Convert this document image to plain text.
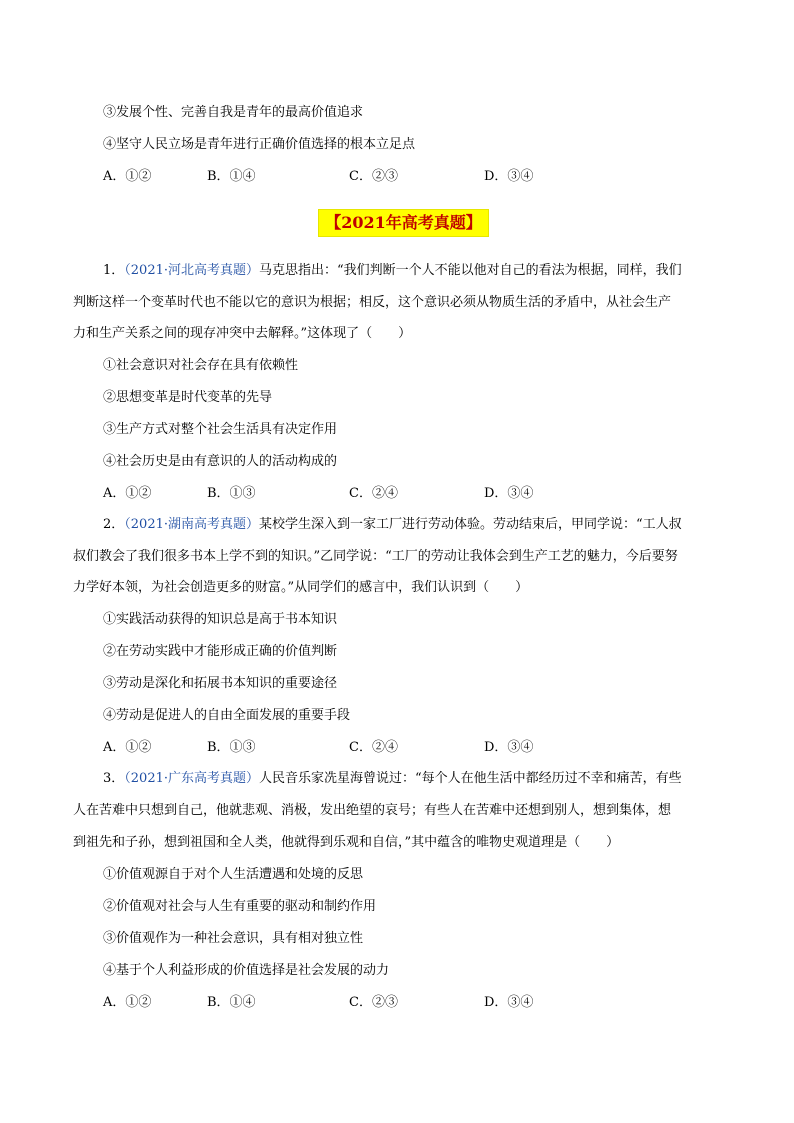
③发展个性、完善自我是青年的最高价值追求
④坚守人民立场是青年进行正确价值选择的根本立足点
A．①②	B．①④	C．②③	D．③④
【2021年高考真题】
1．（2021·河北高考真题）马克思指出：“我们判断一个人不能以他对自己的看法为根据，同样，我们
判断这样一个变革时代也不能以它的意识为根据；相反，这个意识必须从物质生活的矛盾中，从社会生产
力和生产关系之间的现存冲突中去解释。”这体现了（　　）
①社会意识对社会存在具有依赖性
②思想变革是时代变革的先导
③生产方式对整个社会生活具有决定作用
④社会历史是由有意识的人的活动构成的
A．①②	B．①③	C．②④	D．③④
2．（2021·湖南高考真题）某校学生深入到一家工厂进行劳动体验。劳动结束后，甲同学说：“工人叔
叔们教会了我们很多书本上学不到的知识。”乙同学说：“工厂的劳动让我体会到生产工艺的魅力，今后要努
力学好本领，为社会创造更多的财富。”从同学们的感言中，我们认识到（　　）
①实践活动获得的知识总是高于书本知识
②在劳动实践中才能形成正确的价值判断
③劳动是深化和拓展书本知识的重要途径
④劳动是促进人的自由全面发展的重要手段
A．①②	B．①③	C．②④	D．③④
3．（2021·广东高考真题）人民音乐家冼星海曾说过：“每个人在他生活中都经历过不幸和痛苦，有些
人在苦难中只想到自己，他就悲观、消极，发出绝望的哀号；有些人在苦难中还想到别人，想到集体，想
到祖先和子孙，想到祖国和全人类，他就得到乐观和自信，”其中蕴含的唯物史观道理是（　　）
①价值观源自于对个人生活遭遇和处境的反思
②价值观对社会与人生有重要的驱动和制约作用
③价值观作为一种社会意识，具有相对独立性
④基于个人利益形成的价值选择是社会发展的动力
A．①②	B．①④	C．②③	D．③④
